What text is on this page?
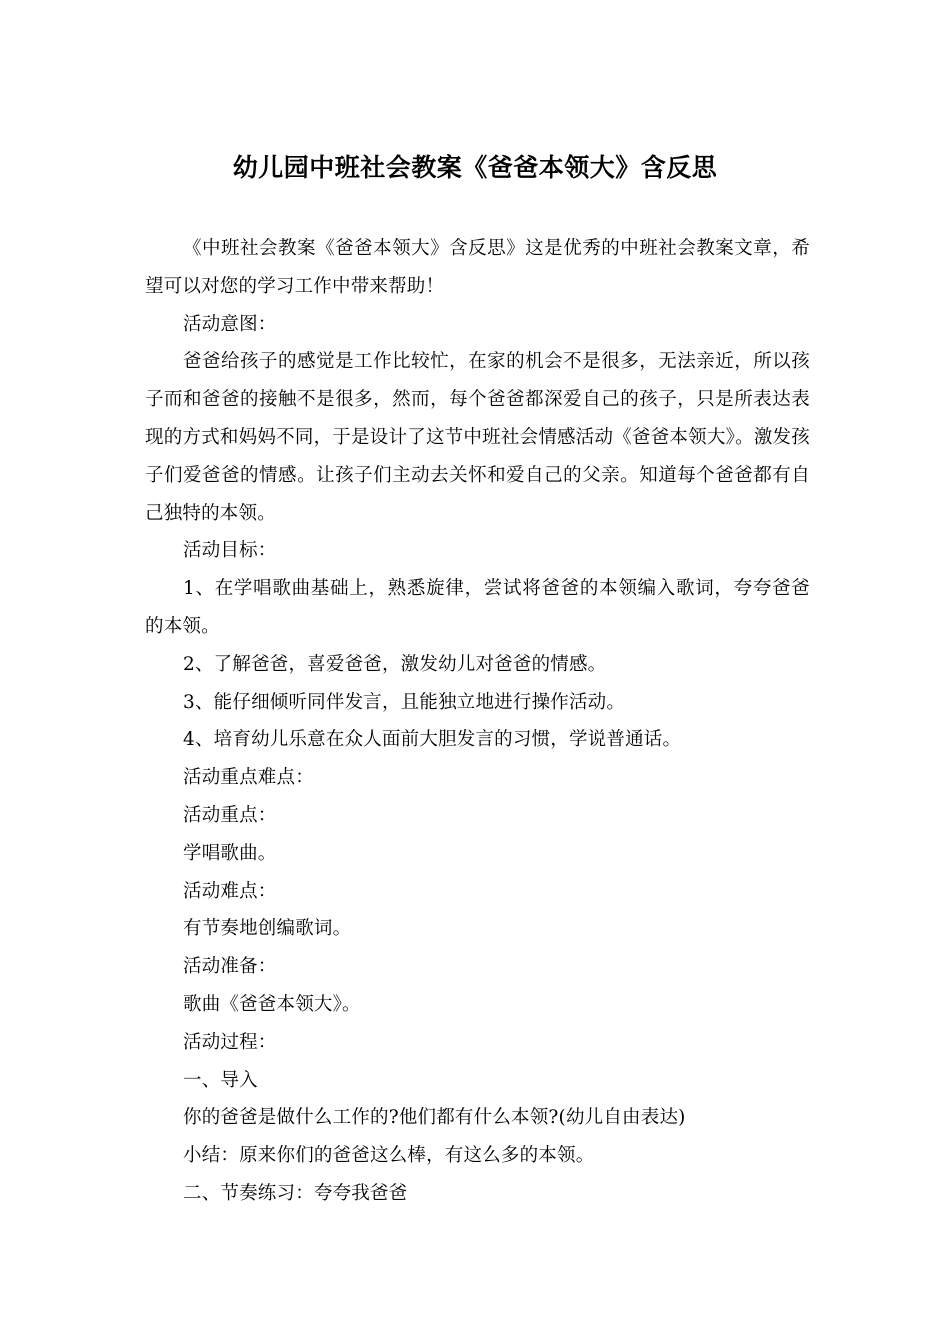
幼儿园中班社会教案《爸爸本领大》含反思

《中班社会教案《爸爸本领大》含反思》这是优秀的中班社会教案文章，希望可以对您的学习工作中带来帮助！

活动意图：

爸爸给孩子的感觉是工作比较忙，在家的机会不是很多，无法亲近，所以孩子而和爸爸的接触不是很多，然而，每个爸爸都深爱自己的孩子，只是所表达表现的方式和妈妈不同，于是设计了这节中班社会情感活动《爸爸本领大》。激发孩子们爱爸爸的情感。让孩子们主动去关怀和爱自己的父亲。知道每个爸爸都有自己独特的本领。

活动目标：

1、在学唱歌曲基础上，熟悉旋律，尝试将爸爸的本领编入歌词，夸夸爸爸的本领。

2、了解爸爸，喜爱爸爸，激发幼儿对爸爸的情感。

3、能仔细倾听同伴发言，且能独立地进行操作活动。

4、培育幼儿乐意在众人面前大胆发言的习惯，学说普通话。

活动重点难点：

活动重点：

学唱歌曲。

活动难点：

有节奏地创编歌词。

活动准备：

歌曲《爸爸本领大》。

活动过程：

一、导入

你的爸爸是做什么工作的?他们都有什么本领?(幼儿自由表达)

小结：原来你们的爸爸这么棒，有这么多的本领。

二、节奏练习：夸夸我爸爸
